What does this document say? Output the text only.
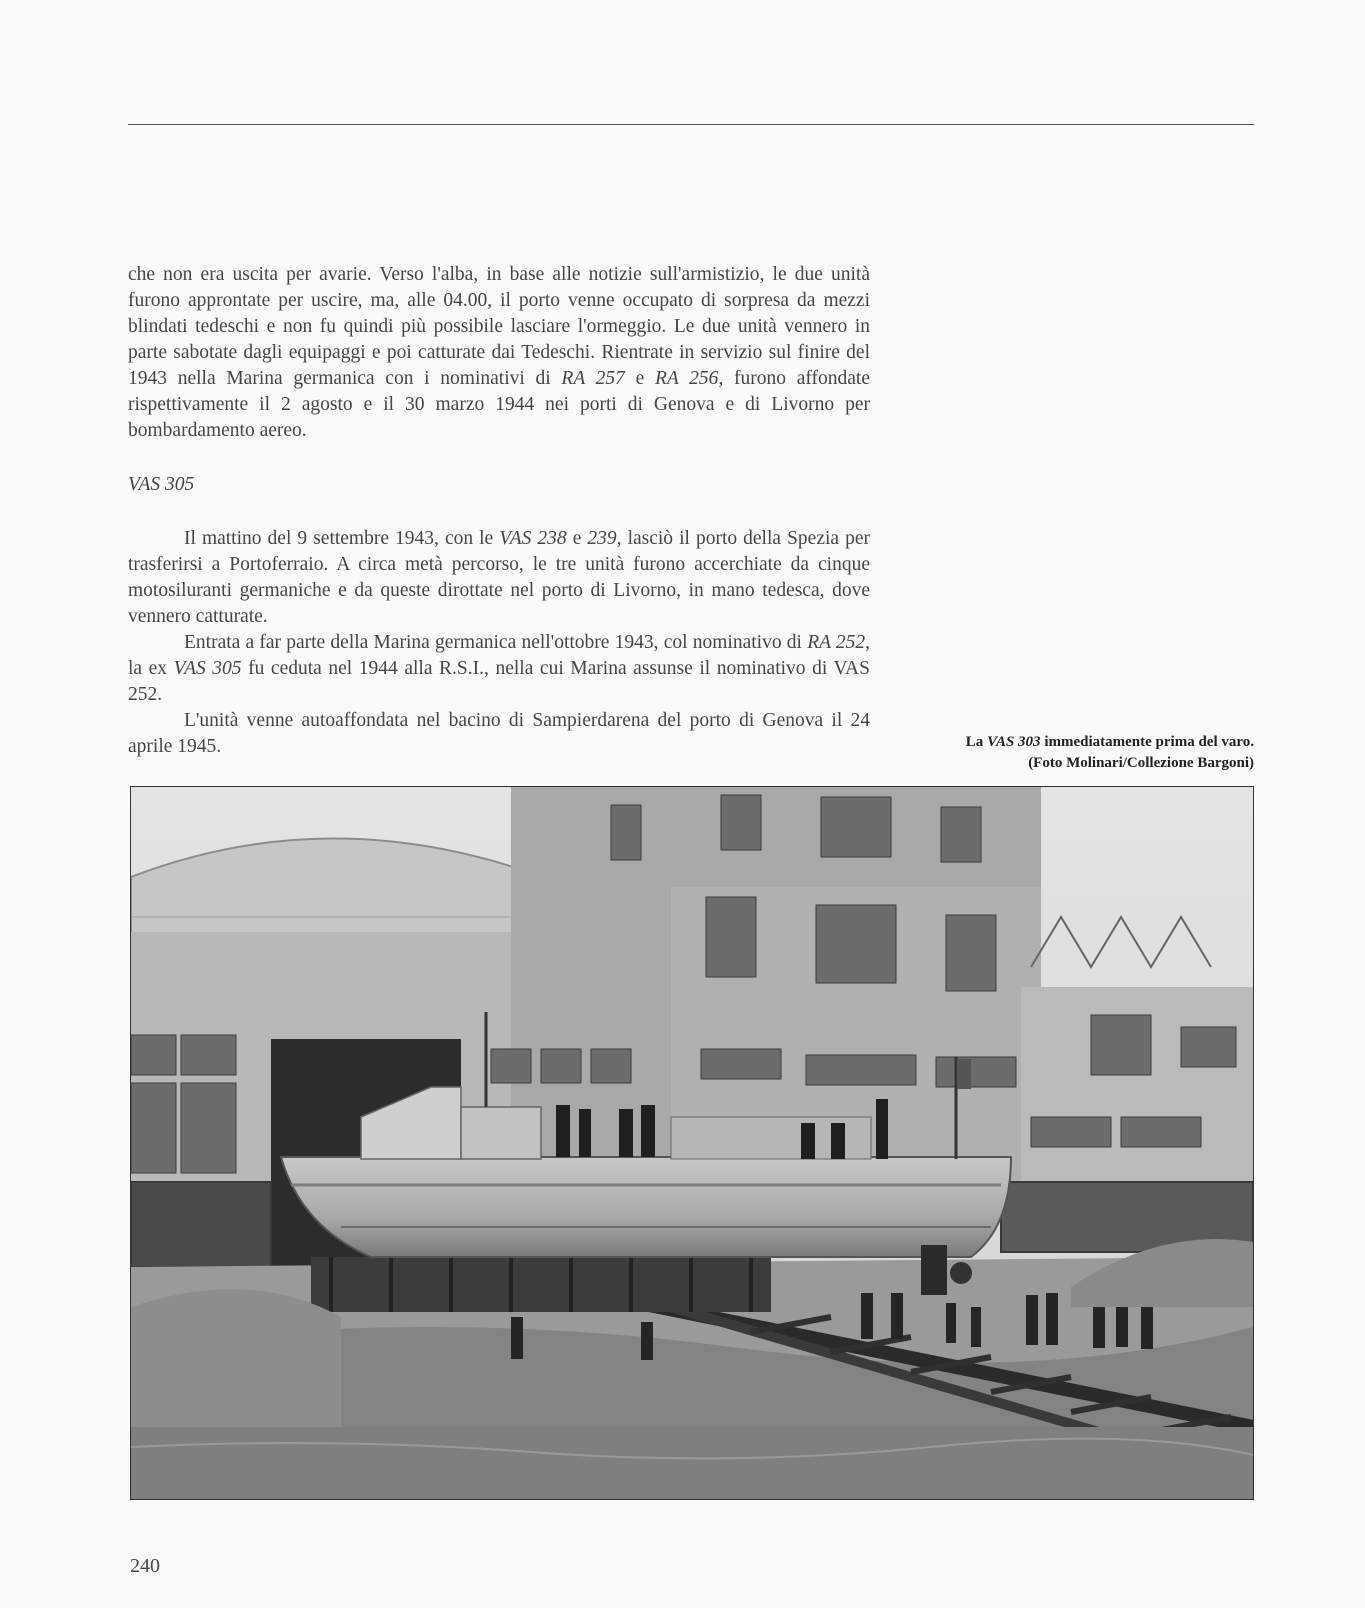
che non era uscita per avarie. Verso l'alba, in base alle notizie sull'armistizio, le due unità furono approntate per uscire, ma, alle 04.00, il porto venne occupato di sorpresa da mezzi blindati tedeschi e non fu quindi più possibile lasciare l'ormeggio. Le due unità vennero in parte sabotate dagli equipaggi e poi catturate dai Tedeschi. Rientrate in servizio sul finire del 1943 nella Marina germanica con i nominativi di RA 257 e RA 256, furono affondate rispettivamente il 2 agosto e il 30 marzo 1944 nei porti di Genova e di Livorno per bombardamento aereo.

VAS 305

Il mattino del 9 settembre 1943, con le VAS 238 e 239, lasciò il porto della Spezia per trasferirsi a Portoferraio. A circa metà percorso, le tre unità furono accerchiate da cinque motosiluranti germaniche e da queste dirottate nel porto di Livorno, in mano tedesca, dove vennero catturate.

Entrata a far parte della Marina germanica nell'ottobre 1943, col nominativo di RA 252, la ex VAS 305 fu ceduta nel 1944 alla R.S.I., nella cui Marina assunse il nominativo di VAS 252.

L'unità venne autoaffondata nel bacino di Sampierdarena del porto di Genova il 24 aprile 1945.	La VAS 303 immediatamente prima del varo.
(Foto Molinari/Collezione Bargoni)
240
